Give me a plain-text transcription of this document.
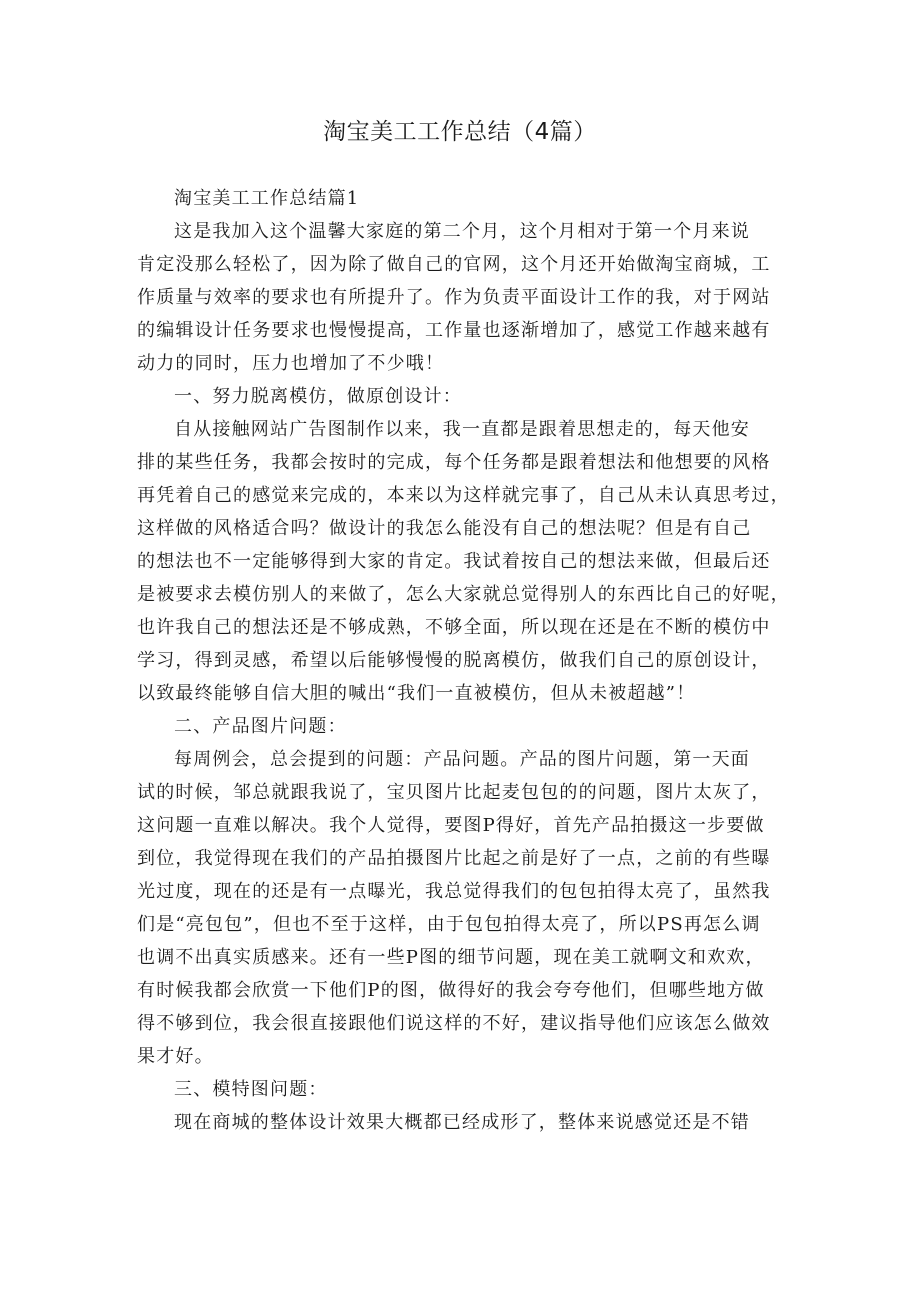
淘宝美工工作总结（4篇）

淘宝美工工作总结篇1

这是我加入这个温馨大家庭的第二个月，这个月相对于第一个月来说
肯定没那么轻松了，因为除了做自己的官网，这个月还开始做淘宝商城，工
作质量与效率的要求也有所提升了。作为负责平面设计工作的我，对于网站
的编辑设计任务要求也慢慢提高，工作量也逐渐增加了，感觉工作越来越有
动力的同时，压力也增加了不少哦！

一、努力脱离模仿，做原创设计：

自从接触网站广告图制作以来，我一直都是跟着思想走的，每天他安
排的某些任务，我都会按时的完成，每个任务都是跟着想法和他想要的风格
再凭着自己的感觉来完成的，本来以为这样就完事了，自己从未认真思考过，
这样做的风格适合吗？做设计的我怎么能没有自己的想法呢？但是有自己
的想法也不一定能够得到大家的肯定。我试着按自己的想法来做，但最后还
是被要求去模仿别人的来做了，怎么大家就总觉得别人的东西比自己的好呢，
也许我自己的想法还是不够成熟，不够全面，所以现在还是在不断的模仿中
学习，得到灵感，希望以后能够慢慢的脱离模仿，做我们自己的原创设计，
以致最终能够自信大胆的喊出“我们一直被模仿，但从未被超越”！

二、产品图片问题：

每周例会，总会提到的问题：产品问题。产品的图片问题，第一天面
试的时候，邹总就跟我说了，宝贝图片比起麦包包的的问题，图片太灰了，
这问题一直难以解决。我个人觉得，要图P得好，首先产品拍摄这一步要做
到位，我觉得现在我们的产品拍摄图片比起之前是好了一点，之前的有些曝
光过度，现在的还是有一点曝光，我总觉得我们的包包拍得太亮了，虽然我
们是“亮包包”，但也不至于这样，由于包包拍得太亮了，所以PS再怎么调
也调不出真实质感来。还有一些P图的细节问题，现在美工就啊文和欢欢，
有时候我都会欣赏一下他们P的图，做得好的我会夸夸他们，但哪些地方做
得不够到位，我会很直接跟他们说这样的不好，建议指导他们应该怎么做效
果才好。

三、模特图问题：

现在商城的整体设计效果大概都已经成形了，整体来说感觉还是不错
